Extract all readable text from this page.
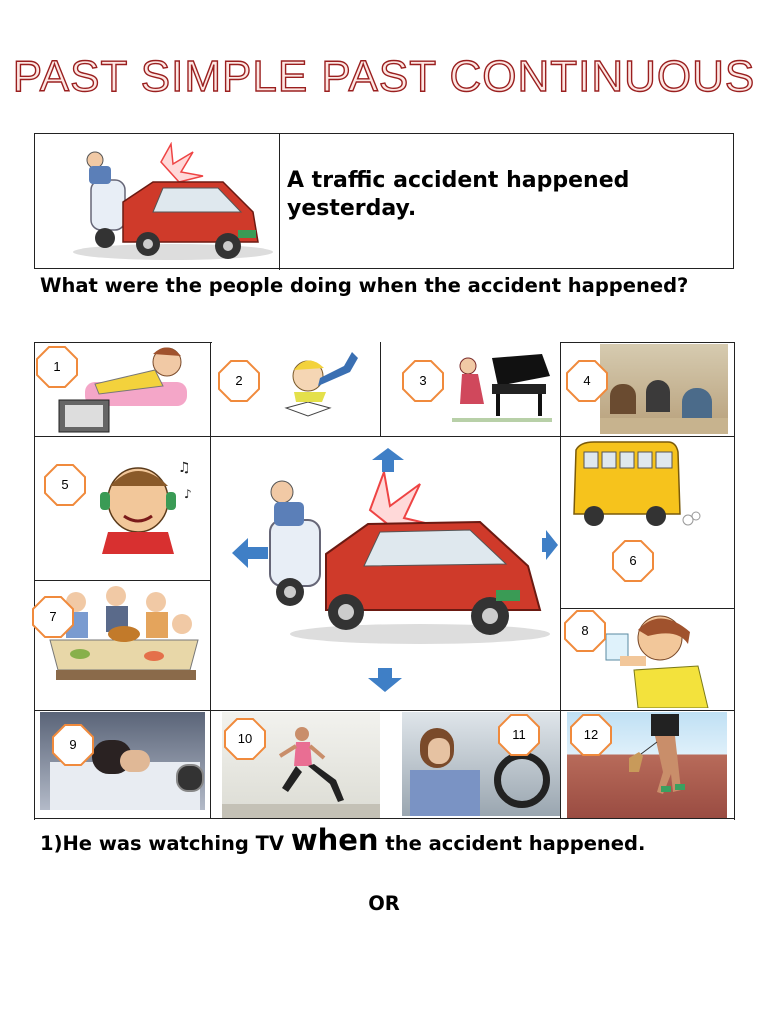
PAST SIMPLE PAST CONTINUOUS
A traffic accident happened yesterday.
What were the people doing when the accident happened?
♫
♪
1
2	3	4
5
6
7
8
9	10	11	12
1)He was watching TV when the accident happened.
OR
